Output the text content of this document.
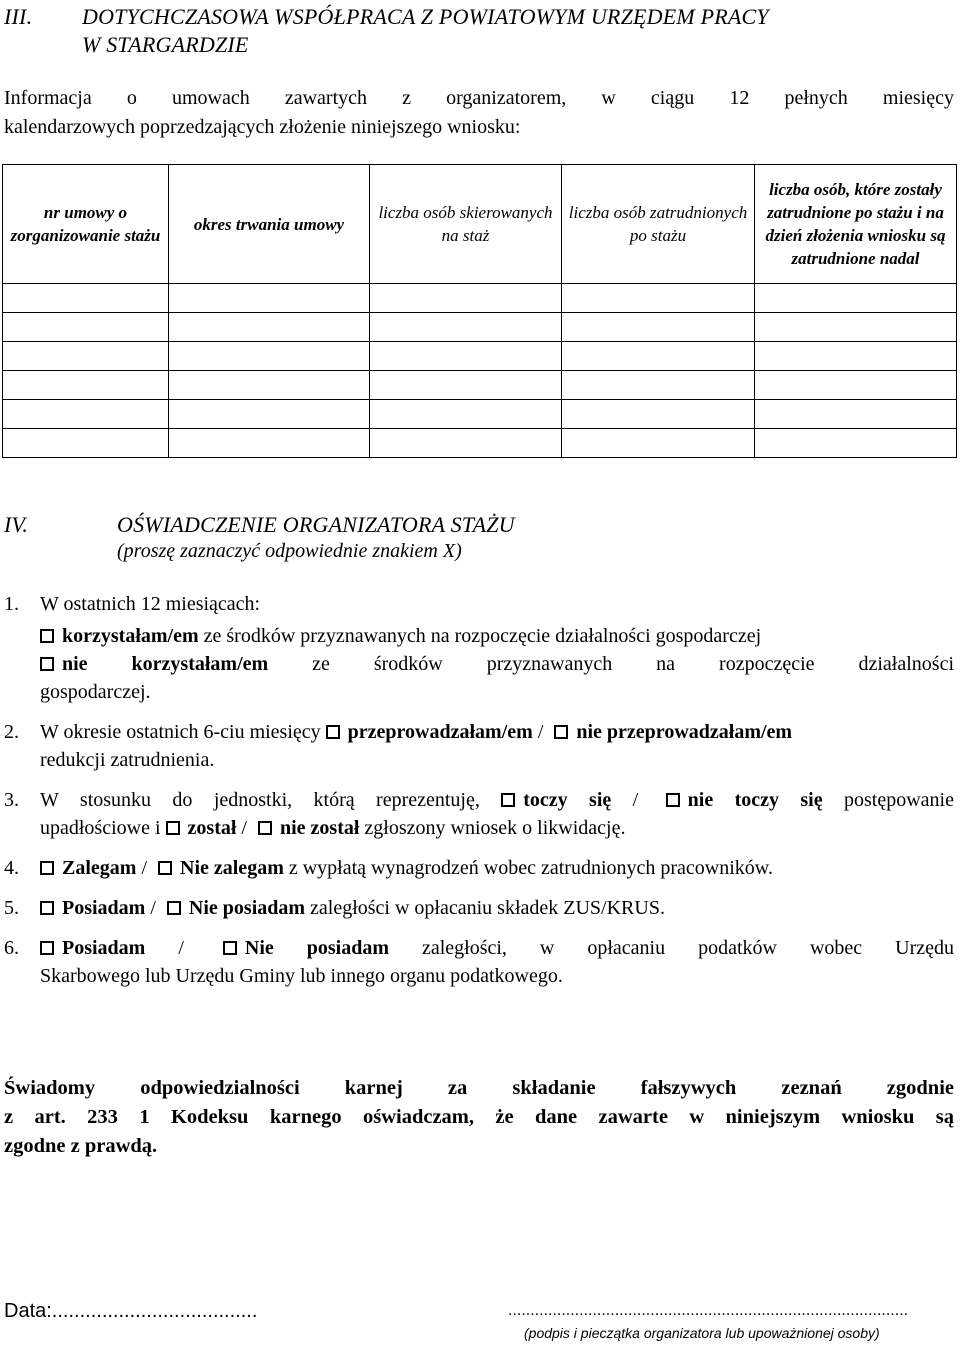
III. DOTYCHCZASOWA WSPÓŁPRACA Z POWIATOWYM URZĘDEM PRACY

W STARGARDZIE

Informacja o umowach zawartych z organizatorem, w ciągu 12 pełnych miesięcy
kalendarzowych poprzedzających złożenie niniejszego wniosku:
nr umowy o zorganizowanie stażu	okres trwania umowy	liczba osób skierowanych na staż	liczba osób zatrudnionych po stażu	liczba osób, które zostały zatrudnione po stażu i na dzień złożenia wniosku są zatrudnione nadal

IV.	OŚWIADCZENIE ORGANIZATORA STAŻU

(proszę zaznaczyć odpowiednie znakiem X)
1. W ostatnich 12 miesiącach:
korzystałam/em ze środków przyznawanych na rozpoczęcie działalności gospodarczej
nie korzystałam/em ze środków przyznawanych na rozpoczęcie działalności
gospodarczej.
2. W okresie ostatnich 6-ciu miesięcy przeprowadzałam/em / nie przeprowadzałam/em
redukcji zatrudnienia.
3. W stosunku do jednostki, którą reprezentuję, toczy się / nie toczy się postępowanie
upadłościowe i został / nie został zgłoszony wniosek o likwidację.
4.	Zalegam / Nie zalegam z wypłatą wynagrodzeń wobec zatrudnionych pracowników.
5.	Posiadam / Nie posiadam zaległości w opłacaniu składek ZUS/KRUS.
6.	Posiadam / Nie posiadam zaległości, w opłacaniu podatków wobec Urzędu
Skarbowego lub Urzędu Gminy lub innego organu podatkowego.
Świadomy odpowiedzialności karnej za składanie fałszywych zeznań zgodnie
z art. 233 1 Kodeksu karnego oświadczam, że dane zawarte w niniejszym wniosku są
zgodne z prawdą.
Data:.....................................	..........................................................................................
(podpis i pieczątka organizatora lub upoważnionej osoby)
